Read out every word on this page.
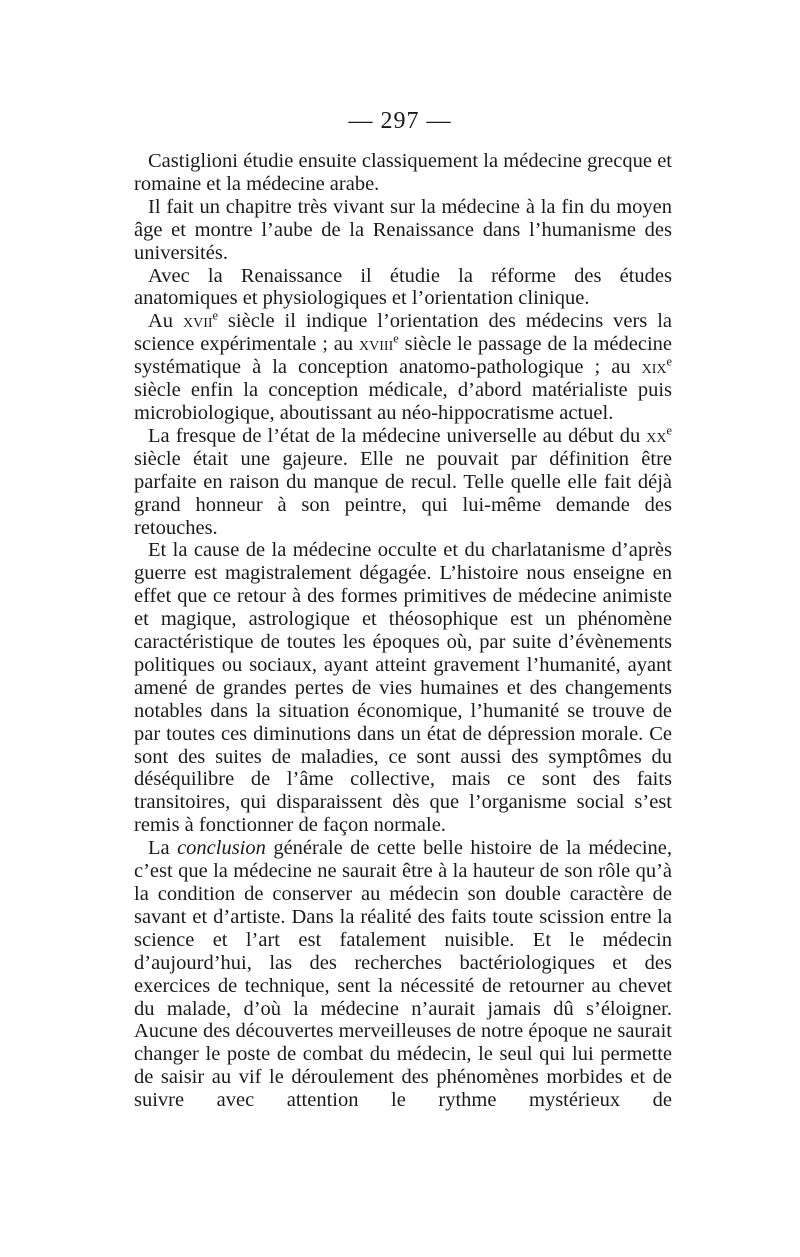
— 297 —

Castiglioni étudie ensuite classiquement la médecine grecque et romaine et la médecine arabe.

Il fait un chapitre très vivant sur la médecine à la fin du moyen âge et montre l’aube de la Renaissance dans l’humanisme des universités.

Avec la Renaissance il étudie la réforme des études anatomiques et physiologiques et l’orientation clinique.

Au xvii$^e$ siècle il indique l’orientation des médecins vers la science expérimentale ; au xviii$^e$ siècle le passage de la médecine systématique à la conception anatomo-pathologique ; au xix$^e$ siècle enfin la conception médicale, d’abord matérialiste puis microbiologique, aboutissant au néo-hippocratisme actuel.

La fresque de l’état de la médecine universelle au début du $xx^e$ siècle était une gajeure. Elle ne pouvait par définition être parfaite en raison du manque de recul. Telle quelle elle fait déjà grand honneur à son peintre, qui lui-même demande des retouches.

Et la cause de la médecine occulte et du charlatanisme d’après guerre est magistralement dégagée. L’histoire nous enseigne en effet que ce retour à des formes primitives de médecine animiste et magique, astrologique et théosophique est un phénomène caractéristique de toutes les époques où, par suite d’évènements politiques ou sociaux, ayant atteint gravement l’humanité, ayant amené de grandes pertes de vies humaines et des changements notables dans la situation économique, l’humanité se trouve de par toutes ces diminutions dans un état de dépression morale. Ce sont des suites de maladies, ce sont aussi des symptômes du déséquilibre de l’âme collective, mais ce sont des faits transitoires, qui disparaissent dès que l’organisme social s’est remis à fonctionner de façon normale.

La conclusion générale de cette belle histoire de la médecine, c’est que la médecine ne saurait être à la hauteur de son rôle qu’à la condition de conserver au médecin son double caractère de savant et d’artiste. Dans la réalité des faits toute scission entre la science et l’art est fatalement nuisible. Et le médecin d’aujourd’hui, las des recherches bactériologiques et des exercices de technique, sent la nécessité de retourner au chevet du malade, d’où la médecine n’aurait jamais dû s’éloigner. Aucune des découvertes merveilleuses de notre époque ne saurait changer le poste de combat du médecin, le seul qui lui permette de saisir au vif le déroulement des phénomènes morbides et de suivre avec attention le rythme mystérieux de
